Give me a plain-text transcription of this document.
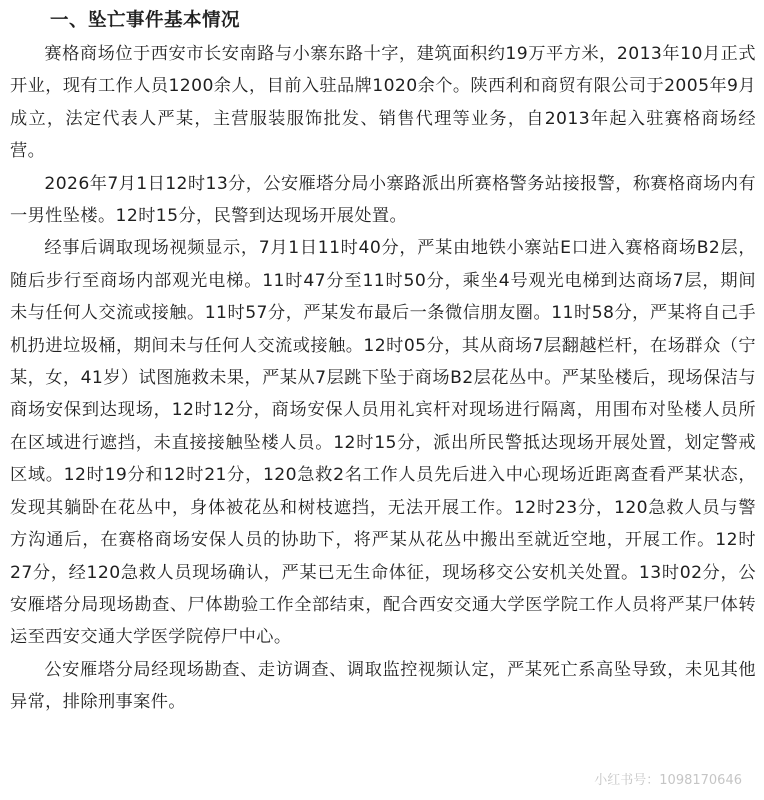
一、坠亡事件基本情况

赛格商场位于西安市长安南路与小寨东路十字，建筑面积约19万平方米，2013年10月正式开业，现有工作人员1200余人，目前入驻品牌1020余个。陕西利和商贸有限公司于2005年9月成立，法定代表人严某，主营服装服饰批发、销售代理等业务，自2013年起入驻赛格商场经营。

2026年7月1日12时13分，公安雁塔分局小寨路派出所赛格警务站接报警，称赛格商场内有一男性坠楼。12时15分，民警到达现场开展处置。

经事后调取现场视频显示，7月1日11时40分，严某由地铁小寨站E口进入赛格商场B2层，随后步行至商场内部观光电梯。11时47分至11时50分，乘坐4号观光电梯到达商场7层，期间未与任何人交流或接触。11时57分，严某发布最后一条微信朋友圈。11时58分，严某将自己手机扔进垃圾桶，期间未与任何人交流或接触。12时05分，其从商场7层翻越栏杆，在场群众（宁某，女，41岁）试图施救未果，严某从7层跳下坠于商场B2层花丛中。严某坠楼后，现场保洁与商场安保到达现场，12时12分，商场安保人员用礼宾杆对现场进行隔离，用围布对坠楼人员所在区域进行遮挡，未直接接触坠楼人员。12时15分，派出所民警抵达现场开展处置，划定警戒区域。12时19分和12时21分，120急救2名工作人员先后进入中心现场近距离查看严某状态，发现其躺卧在花丛中，身体被花丛和树枝遮挡，无法开展工作。12时23分，120急救人员与警方沟通后，在赛格商场安保人员的协助下，将严某从花丛中搬出至就近空地，开展工作。12时27分，经120急救人员现场确认，严某已无生命体征，现场移交公安机关处置。13时02分，公安雁塔分局现场勘查、尸体勘验工作全部结束，配合西安交通大学医学院工作人员将严某尸体转运至西安交通大学医学院停尸中心。

公安雁塔分局经现场勘查、走访调查、调取监控视频认定，严某死亡系高坠导致，未见其他异常，排除刑事案件。

小红书号：1098170646
